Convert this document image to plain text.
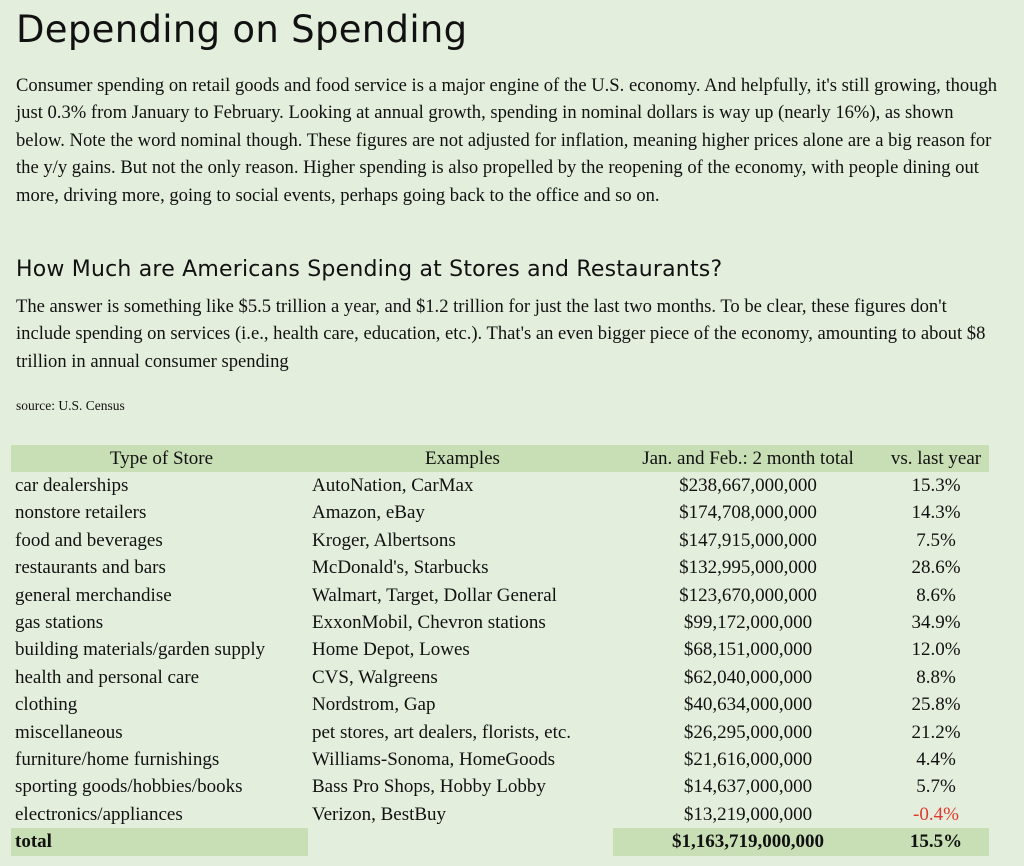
Depending on Spending

Consumer spending on retail goods and food service is a major engine of the U.S. economy. And helpfully, it's still growing, though just 0.3% from January to February. Looking at annual growth, spending in nominal dollars is way up (nearly 16%), as shown below. Note the word nominal though. These figures are not adjusted for inflation, meaning higher prices alone are a big reason for the y/y gains. But not the only reason. Higher spending is also propelled by the reopening of the economy, with people dining out more, driving more, going to social events, perhaps going back to the office and so on.

How Much are Americans Spending at Stores and Restaurants?

The answer is something like $5.5 trillion a year, and $1.2 trillion for just the last two months. To be clear, these figures don't include spending on services (i.e., health care, education, etc.). That's an even bigger piece of the economy, amounting to about $8 trillion in annual consumer spending

source: U.S. Census

Type of Store	Examples	Jan. and Feb.: 2 month total	vs. last year
car dealerships	AutoNation, CarMax	$238,667,000,000	15.3%
nonstore retailers	Amazon, eBay	$174,708,000,000	14.3%
food and beverages	Kroger, Albertsons	$147,915,000,000	7.5%
restaurants and bars	McDonald's, Starbucks	$132,995,000,000	28.6%
general merchandise	Walmart, Target, Dollar General	$123,670,000,000	8.6%
gas stations	ExxonMobil, Chevron stations	$99,172,000,000	34.9%
building materials/garden supply	Home Depot, Lowes	$68,151,000,000	12.0%
health and personal care	CVS, Walgreens	$62,040,000,000	8.8%
clothing	Nordstrom, Gap	$40,634,000,000	25.8%
miscellaneous	pet stores, art dealers, florists, etc.	$26,295,000,000	21.2%
furniture/home furnishings	Williams-Sonoma, HomeGoods	$21,616,000,000	4.4%
sporting goods/hobbies/books	Bass Pro Shops, Hobby Lobby	$14,637,000,000	5.7%
electronics/appliances	Verizon, BestBuy	$13,219,000,000	-0.4%
total		$1,163,719,000,000	15.5%
